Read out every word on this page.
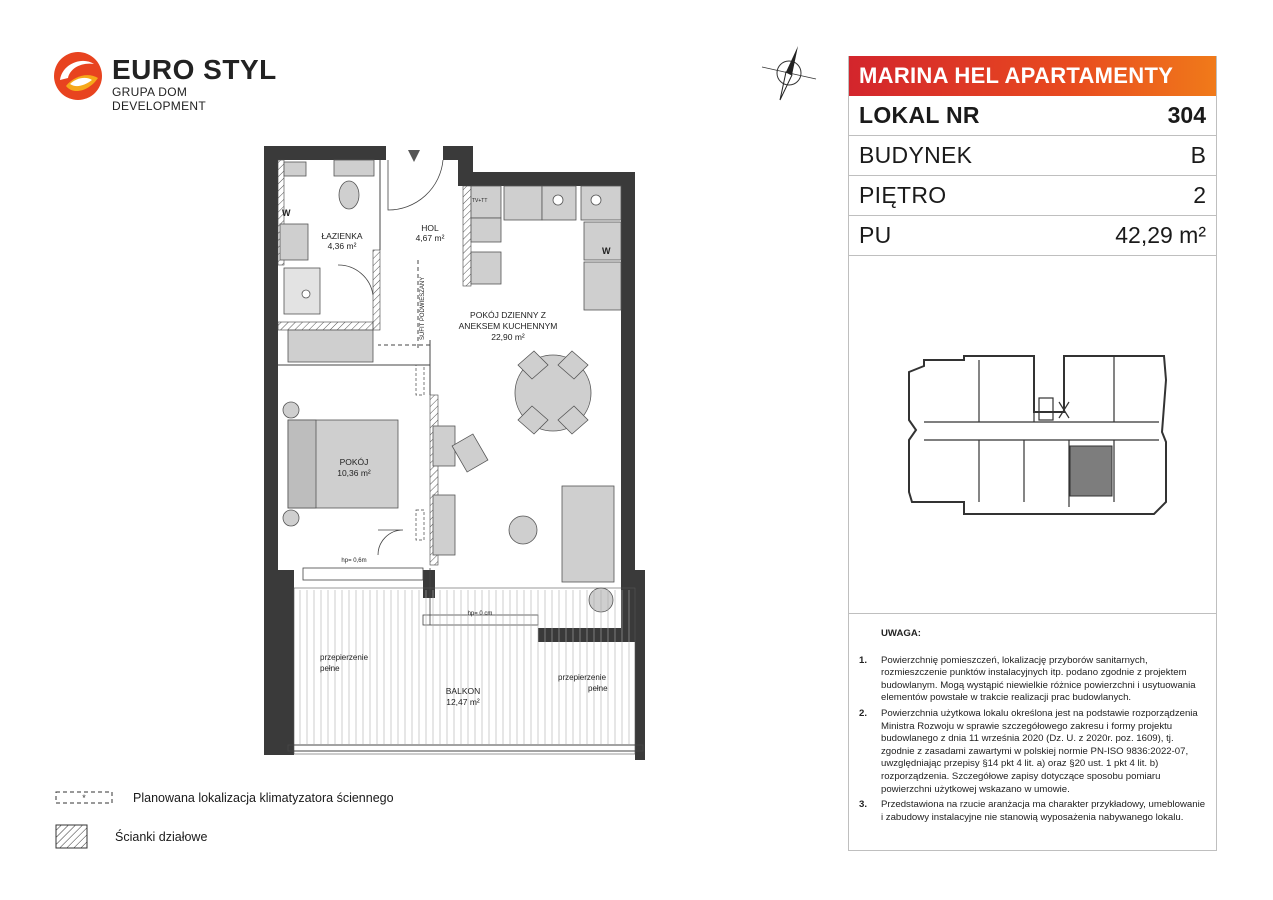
EURO STYL
GRUPA DOM DEVELOPMENT
ŁAZIENKA
4,36 m²
HOL
4,67 m²
POKÓJ DZIENNY Z
ANEKSEM KUCHENNYM
22,90 m²
POKÓJ
10,36 m²
BALKON
12,47 m²
hp= 0,6m
hp= 0 cm
przepierzenie
pełne
przepierzenie
pełne
SUFIT PODWIESZANY
W
W
TV+TT
MARINA HEL APARTAMENTY
LOKAL NR	304
BUDYNEK	B
PIĘTRO	2
PU	42,29 m²
UWAGA:
1.	Powierzchnię pomieszczeń, lokalizację przyborów sanitarnych, rozmieszczenie punktów instalacyjnych itp. podano zgodnie z projektem budowlanym. Mogą wystąpić niewielkie różnice powierzchni i usytuowania elementów powstałe w trakcie realizacji prac budowlanych.
2.	Powierzchnia użytkowa lokalu określona jest na podstawie rozporządzenia Ministra Rozwoju w sprawie szczegółowego zakresu i formy projektu budowlanego z dnia 11 września 2020 (Dz. U. z 2020r. poz. 1609), tj. zgodnie z zasadami zawartymi w polskiej normie PN-ISO 9836:2022-07, uwzględniając przepisy §14 pkt 4 lit. a) oraz §20 ust. 1 pkt 4 lit. b) rozporządzenia. Szczegółowe zapisy dotyczące sposobu pomiaru powierzchni użytkowej wskazano w umowie.
3.	Przedstawiona na rzucie aranżacja ma charakter przykładowy, umeblowanie i zabudowy instalacyjne nie stanowią wyposażenia nabywanego lokalu.
*	Planowana lokalizacja klimatyzatora ściennego
Ścianki działowe
